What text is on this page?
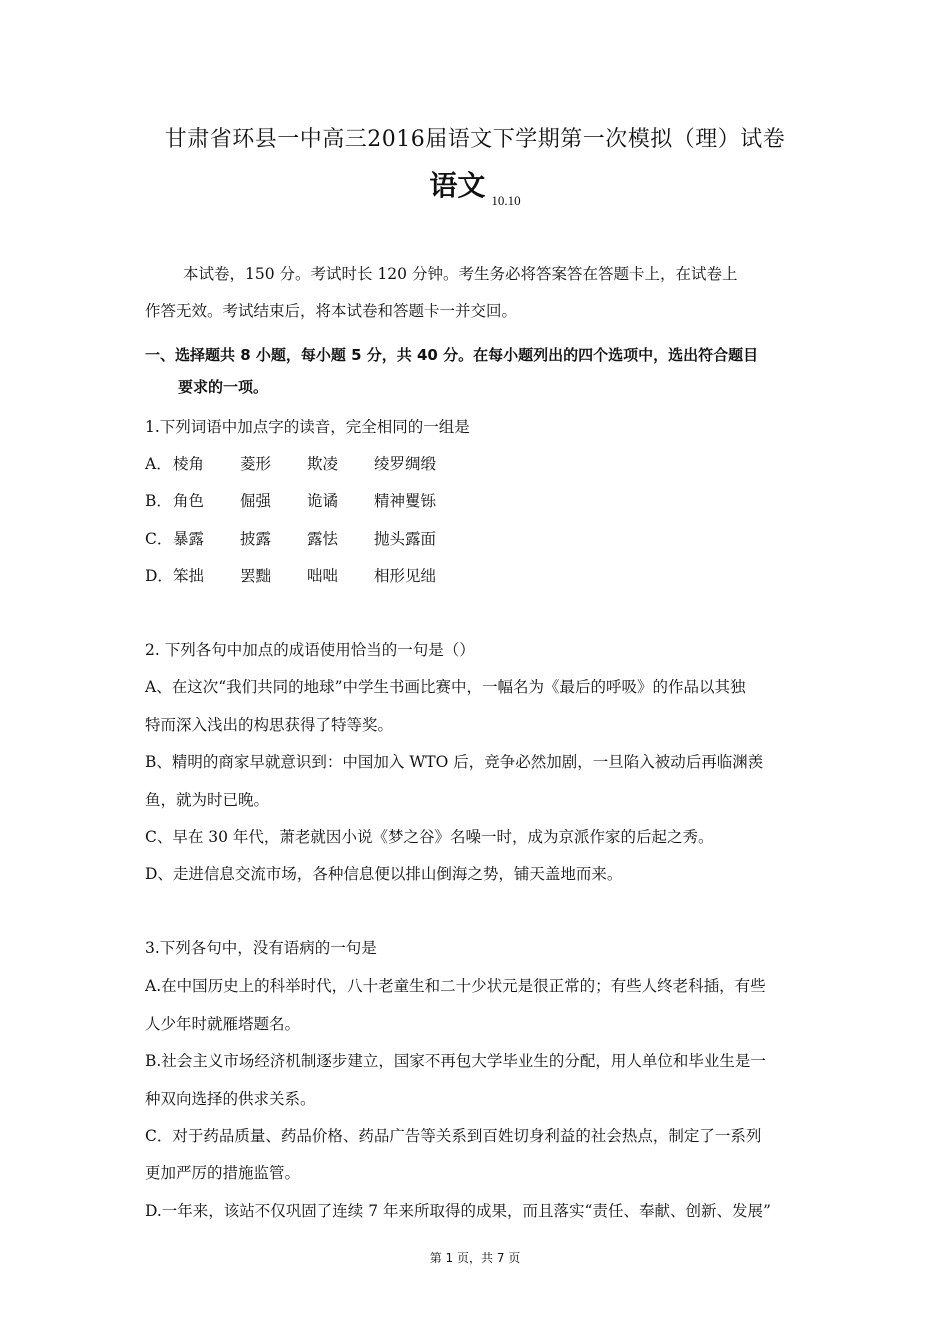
甘肃省环县一中高三2016届语文下学期第一次模拟（理）试卷
语文 $_{10.10}$
本试卷，150 分。考试时长 120 分钟。考生务必将答案答在答题卡上，在试卷上
作答无效。考试结束后，将本试卷和答题卡一并交回。
一、选择题共 8 小题，每小题 5 分，共 40 分。在每小题列出的四个选项中，选出符合题目
要求的一项。
1.下列词语中加点字的读音，完全相同的一组是
A．棱角 菱形 欺凌 绫罗绸缎
B．角色 倔强 诡谲 精神矍铄
C．暴露 披露 露怯 抛头露面
D．笨拙 罢黜 咄咄 相形见绌
2. 下列各句中加点的成语使用恰当的一句是（）
A、在这次“我们共同的地球”中学生书画比赛中，一幅名为《最后的呼吸》的作品以其独
特而深入浅出的构思获得了特等奖。
B、精明的商家早就意识到：中国加入 WTO 后，竞争必然加剧，一旦陷入被动后再临渊羡
鱼，就为时已晚。
C、早在 30 年代，萧老就因小说《梦之谷》名噪一时，成为京派作家的后起之秀。
D、走进信息交流市场，各种信息便以排山倒海之势，铺天盖地而来。
3.下列各句中，没有语病的一句是
A.在中国历史上的科举时代，八十老童生和二十少状元是很正常的；有些人终老科插，有些
人少年时就雁塔题名。
B.社会主义市场经济机制逐步建立，国家不再包大学毕业生的分配，用人单位和毕业生是一
种双向选择的供求关系。
C．对于药品质量、药品价格、药品广告等关系到百姓切身利益的社会热点，制定了一系列
更加严厉的措施监管。
D.一年来，该站不仅巩固了连续 7 年来所取得的成果，而且落实“责任、奉献、创新、发展”
第 1 页，共 7 页
